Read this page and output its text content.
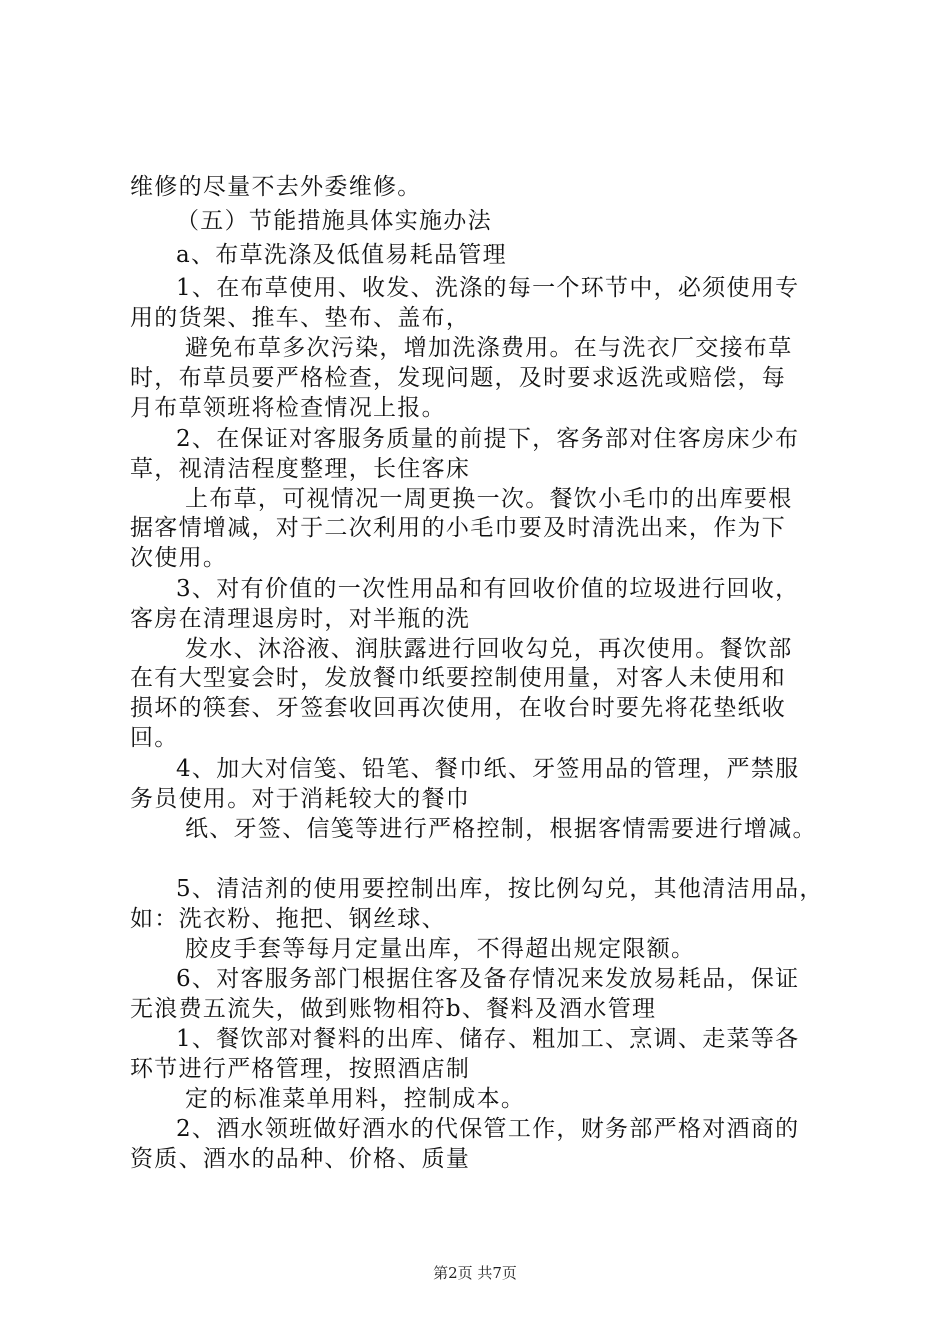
维修的尽量不去外委维修。
（五）节能措施具体实施办法
a、布草洗涤及低值易耗品管理
1、在布草使用、收发、洗涤的每一个环节中，必须使用专
用的货架、推车、垫布、盖布，
避免布草多次污染，增加洗涤费用。在与洗衣厂交接布草
时，布草员要严格检查，发现问题，及时要求返洗或赔偿，每
月布草领班将检查情况上报。
2、在保证对客服务质量的前提下，客务部对住客房床少布
草，视清洁程度整理，长住客床
上布草，可视情况一周更换一次。餐饮小毛巾的出库要根
据客情增减，对于二次利用的小毛巾要及时清洗出来，作为下
次使用。
3、对有价值的一次性用品和有回收价值的垃圾进行回收，
客房在清理退房时，对半瓶的洗
发水、沐浴液、润肤露进行回收勾兑，再次使用。餐饮部
在有大型宴会时，发放餐巾纸要控制使用量，对客人未使用和
损坏的筷套、牙签套收回再次使用，在收台时要先将花垫纸收
回。
4、加大对信笺、铅笔、餐巾纸、牙签用品的管理，严禁服
务员使用。对于消耗较大的餐巾
纸、牙签、信笺等进行严格控制，根据客情需要进行增减。
5、清洁剂的使用要控制出库，按比例勾兑，其他清洁用品，
如：洗衣粉、拖把、钢丝球、
胶皮手套等每月定量出库，不得超出规定限额。
6、对客服务部门根据住客及备存情况来发放易耗品，保证
无浪费五流失，做到账物相符b、餐料及酒水管理
1、餐饮部对餐料的出库、储存、粗加工、烹调、走菜等各
环节进行严格管理，按照酒店制
定的标准菜单用料，控制成本。
2、酒水领班做好酒水的代保管工作，财务部严格对酒商的
资质、酒水的品种、价格、质量
第2页 共7页
